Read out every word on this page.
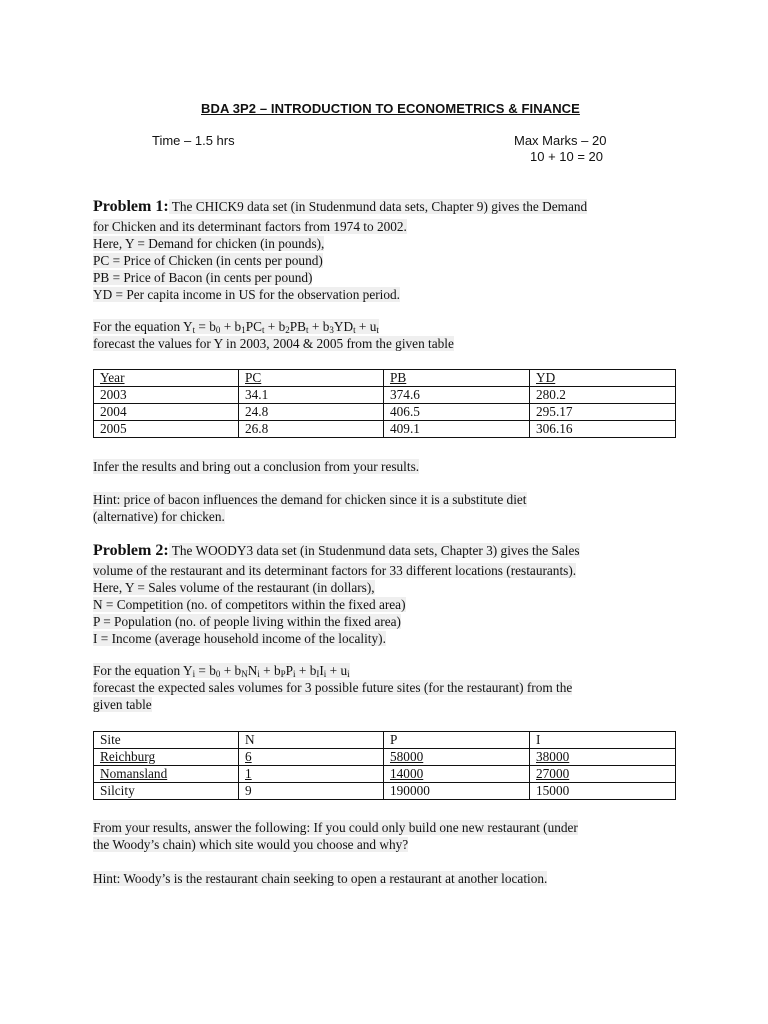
BDA 3P2 – INTRODUCTION TO ECONOMETRICS & FINANCE
Time – 1.5 hrs	Max Marks – 20
10 + 10 = 20
Problem 1: The CHICK9 data set (in Studenmund data sets, Chapter 9) gives the Demand
for Chicken and its determinant factors from 1974 to 2002.
Here, Y = Demand for chicken (in pounds),
PC = Price of Chicken (in cents per pound)
PB = Price of Bacon (in cents per pound)
YD = Per capita income in US for the observation period.
For the equation $Y_t = b_0 + b_1PC_t + b_2PB_t + b_3YD_t + u_t$
forecast the values for Y in 2003, 2004 & 2005 from the given table
Year	PC	PB	YD
2003	34.1	374.6	280.2
2004	24.8	406.5	295.17
2005	26.8	409.1	306.16
Infer the results and bring out a conclusion from your results.
Hint: price of bacon influences the demand for chicken since it is a substitute diet
(alternative) for chicken.
Problem 2: The WOODY3 data set (in Studenmund data sets, Chapter 3) gives the Sales
volume of the restaurant and its determinant factors for 33 different locations (restaurants).
Here, Y = Sales volume of the restaurant (in dollars),
N = Competition (no. of competitors within the fixed area)
P = Population (no. of people living within the fixed area)
I = Income (average household income of the locality).
For the equation $Y_i = b_0 + b_NN_i + b_PP_i + b_II_i + u_i$
forecast the expected sales volumes for 3 possible future sites (for the restaurant) from the
given table
Site	N	P	I
Reichburg	6	58000	38000
Nomansland	1	14000	27000
Silcity	9	190000	15000
From your results, answer the following: If you could only build one new restaurant (under
the Woody’s chain) which site would you choose and why?
Hint: Woody’s is the restaurant chain seeking to open a restaurant at another location.
